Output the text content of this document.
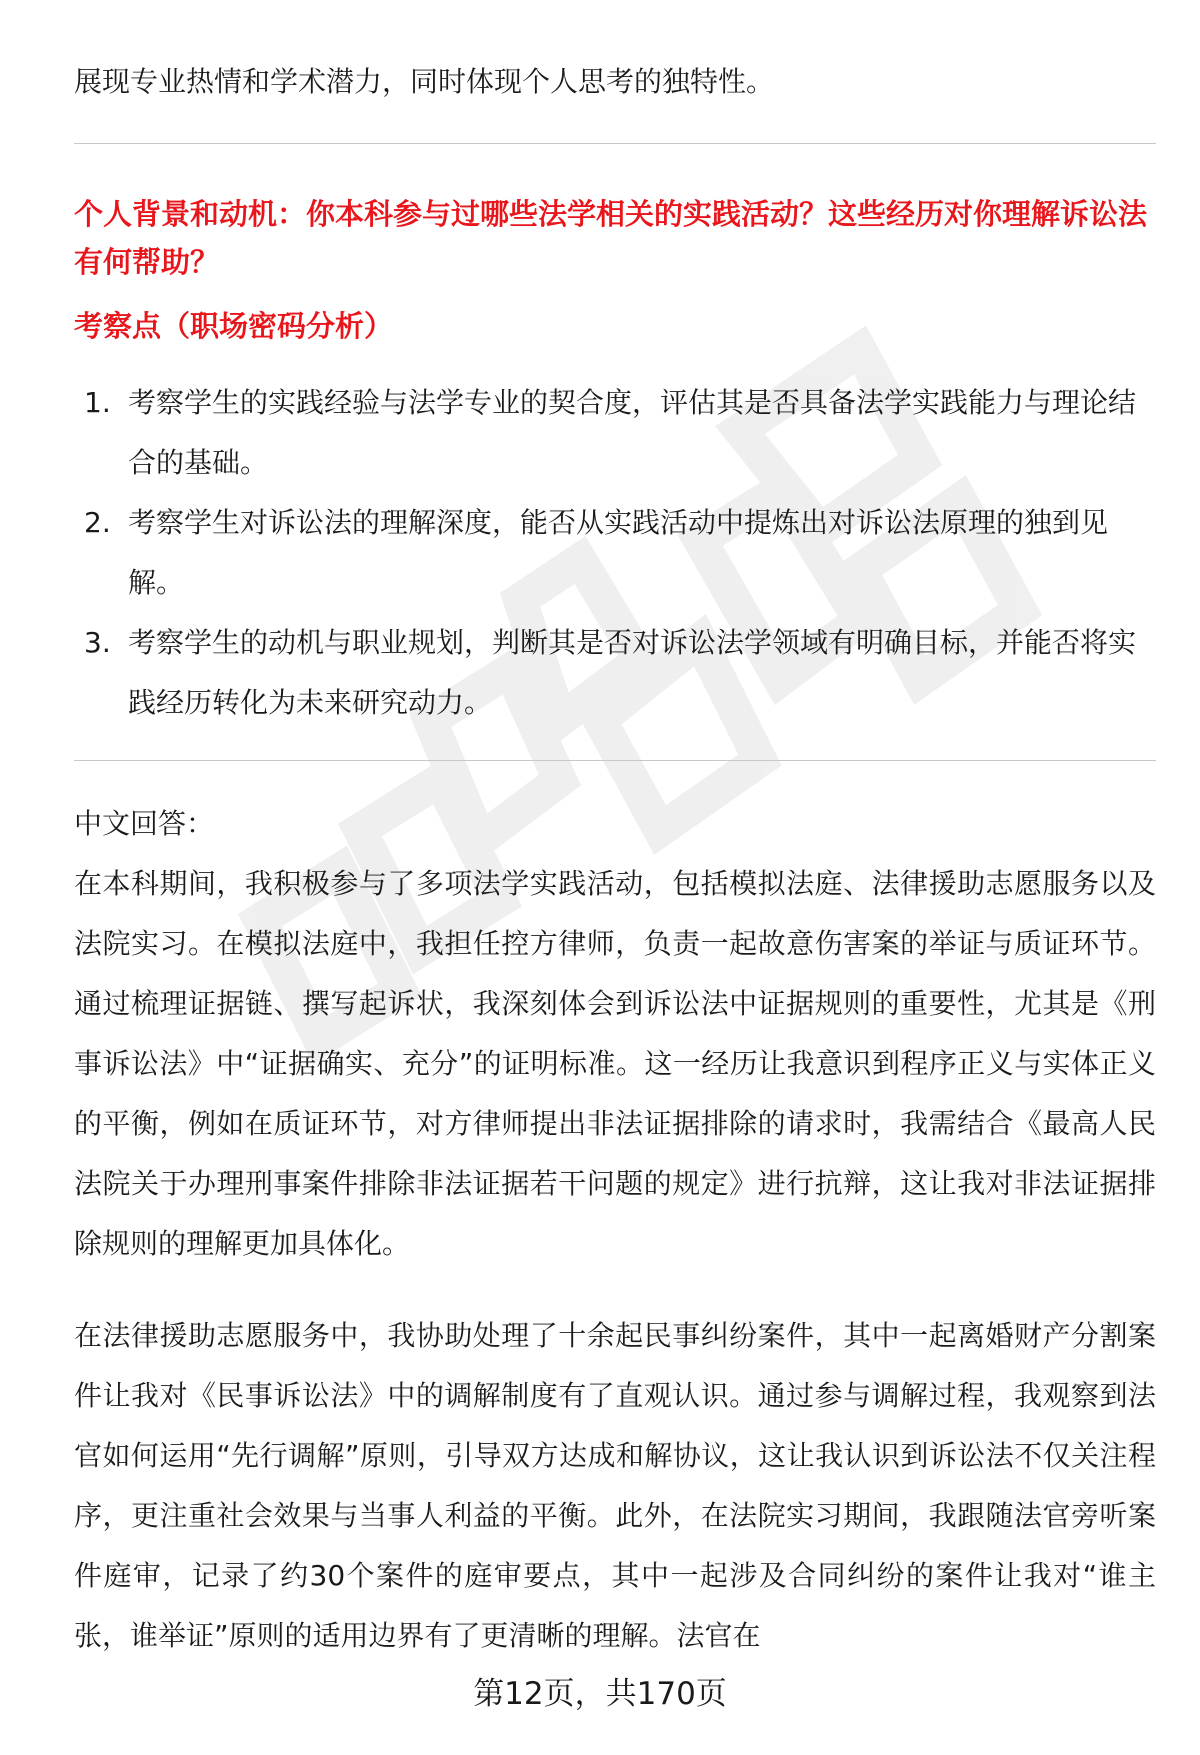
展现专业热情和学术潜力，同时体现个人思考的独特性。

个人背景和动机：你本科参与过哪些法学相关的实践活动？这些经历对你理解诉讼法有何帮助？

考察点（职场密码分析）

1. 考察学生的实践经验与法学专业的契合度，评估其是否具备法学实践能力与理论结合的基础。
2. 考察学生对诉讼法的理解深度，能否从实践活动中提炼出对诉讼法原理的独到见解。
3. 考察学生的动机与职业规划，判断其是否对诉讼法学领域有明确目标，并能否将实践经历转化为未来研究动力。

中文回答：

在本科期间，我积极参与了多项法学实践活动，包括模拟法庭、法律援助志愿服务以及法院实习。在模拟法庭中，我担任控方律师，负责一起故意伤害案的举证与质证环节。通过梳理证据链、撰写起诉状，我深刻体会到诉讼法中证据规则的重要性，尤其是《刑事诉讼法》中“证据确实、充分”的证明标准。这一经历让我意识到程序正义与实体正义的平衡，例如在质证环节，对方律师提出非法证据排除的请求时，我需结合《最高人民法院关于办理刑事案件排除非法证据若干问题的规定》进行抗辩，这让我对非法证据排除规则的理解更加具体化。

在法律援助志愿服务中，我协助处理了十余起民事纠纷案件，其中一起离婚财产分割案件让我对《民事诉讼法》中的调解制度有了直观认识。通过参与调解过程，我观察到法官如何运用“先行调解”原则，引导双方达成和解协议，这让我认识到诉讼法不仅关注程序，更注重社会效果与当事人利益的平衡。此外，在法院实习期间，我跟随法官旁听案件庭审，记录了约30个案件的庭审要点，其中一起涉及合同纠纷的案件让我对“谁主张，谁举证”原则的适用边界有了更清晰的理解。法官在

第12页，共170页
